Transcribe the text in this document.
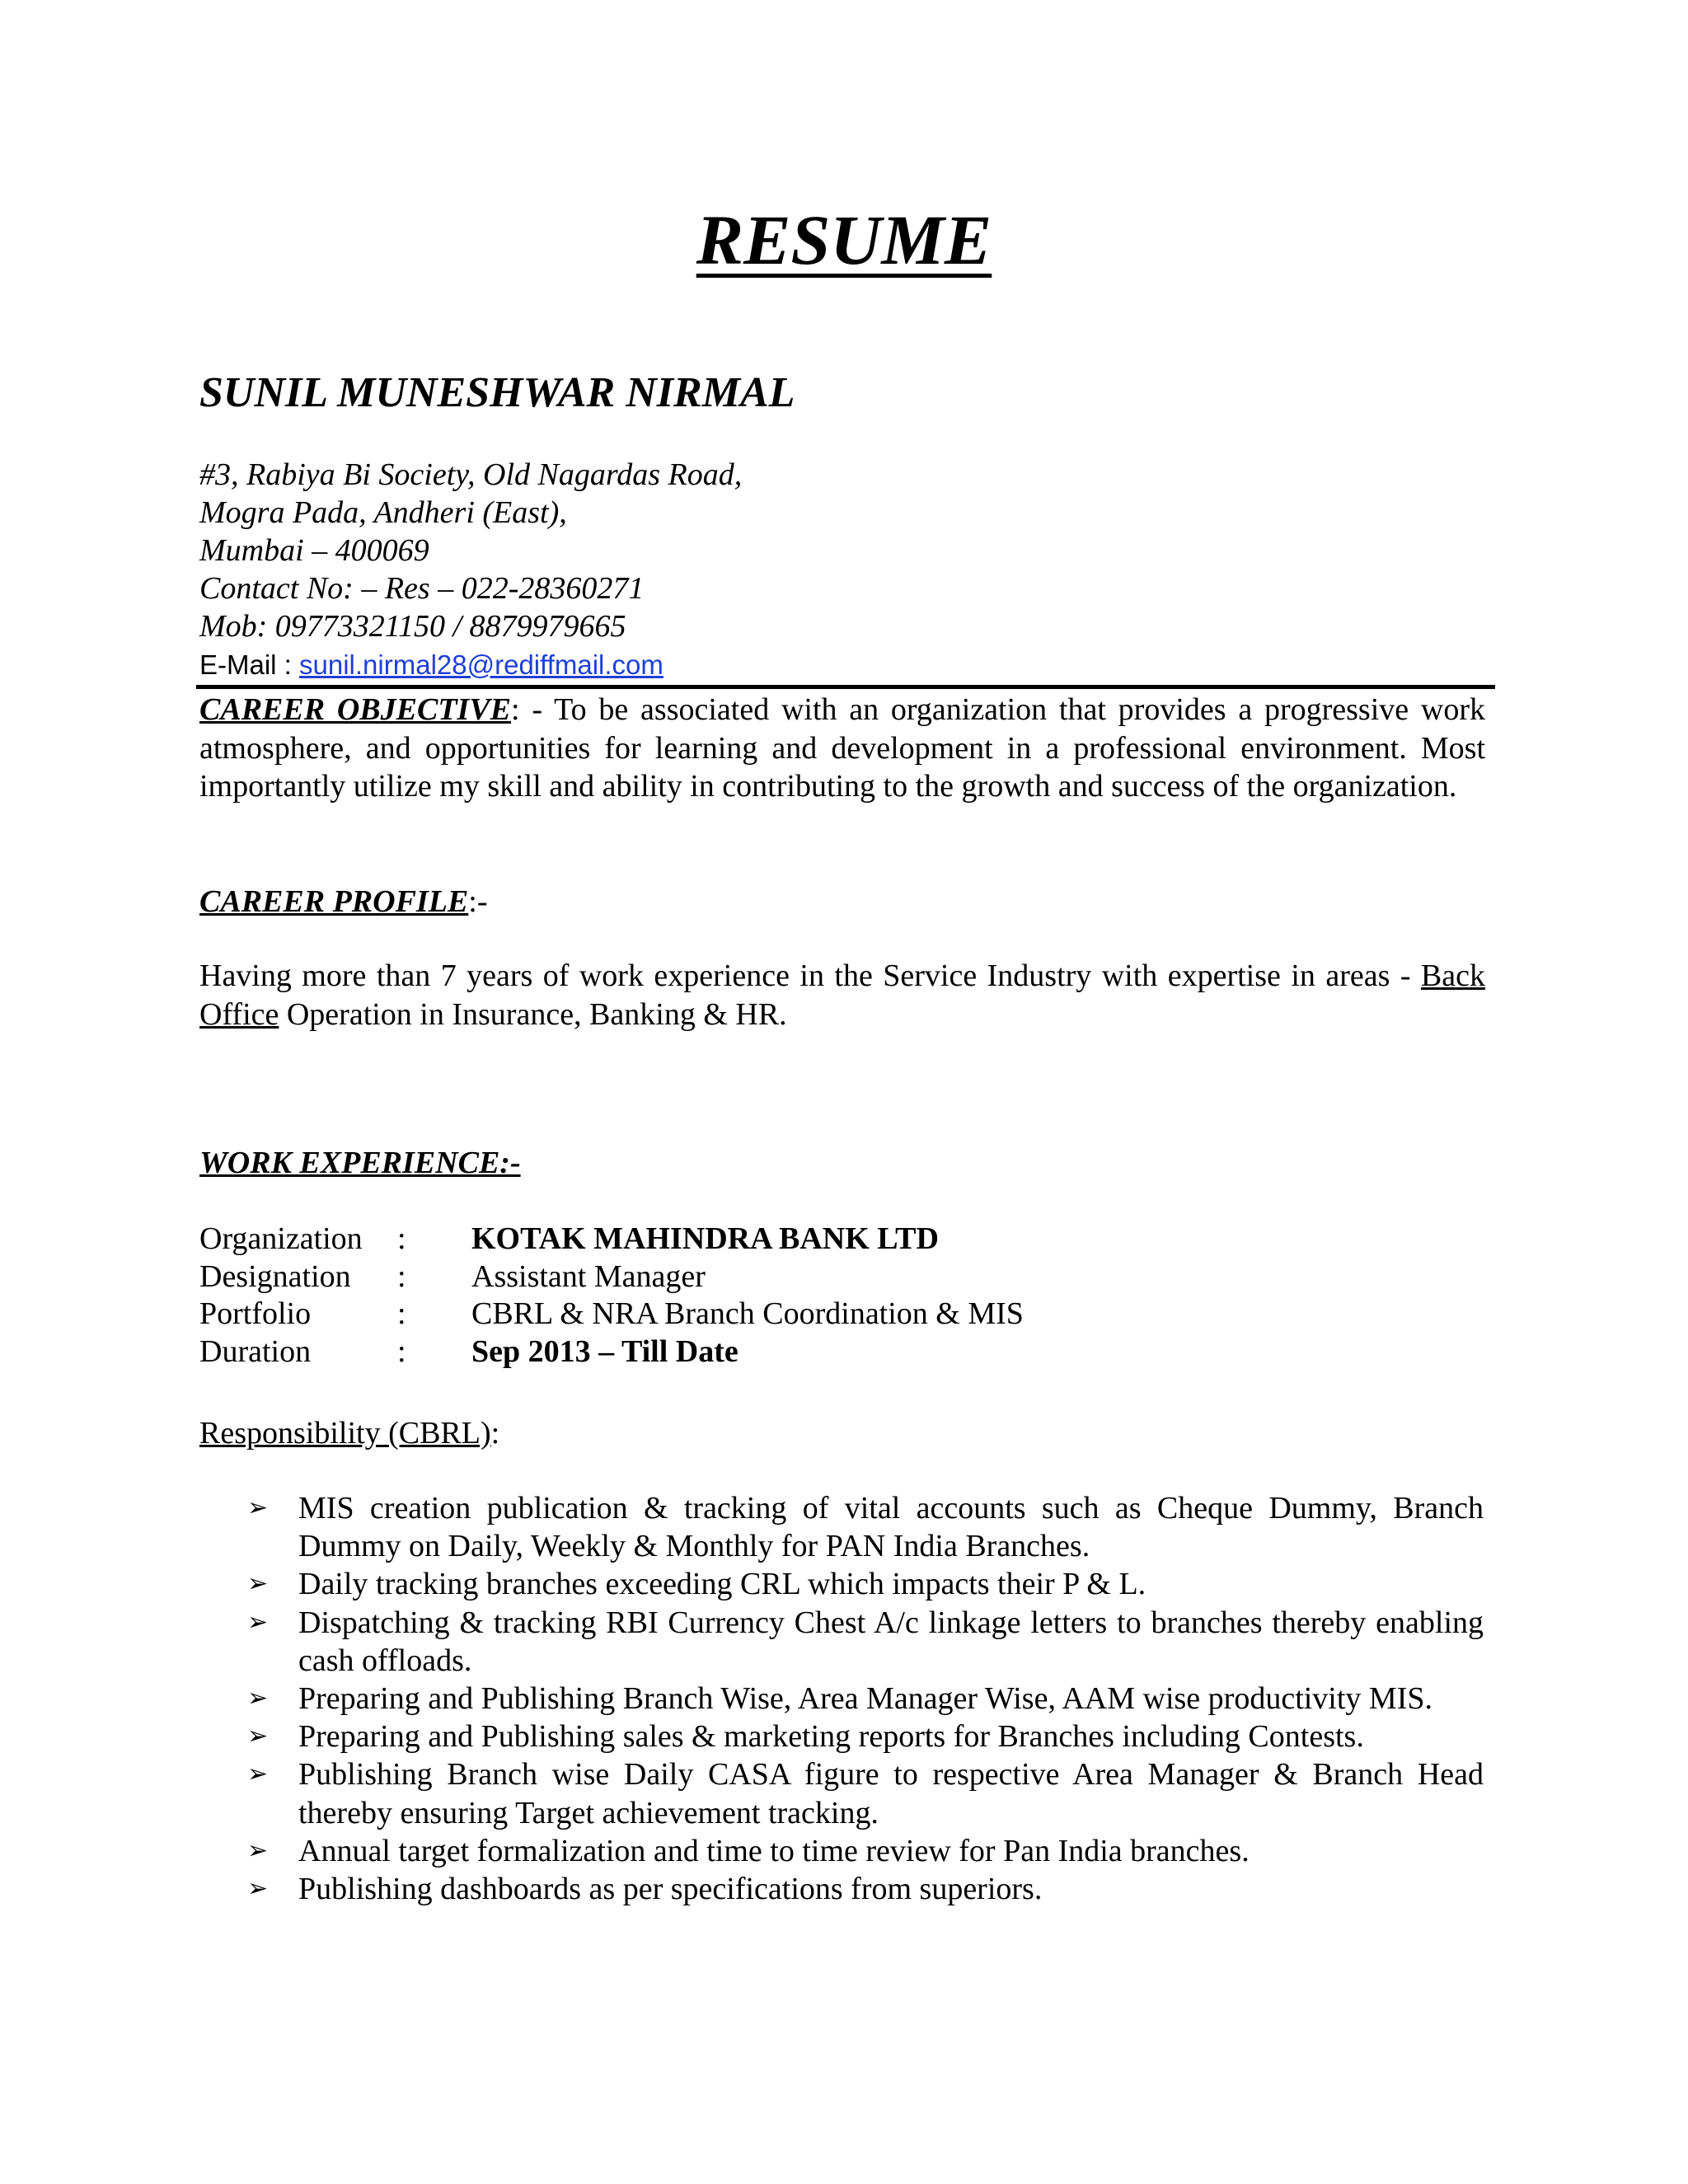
RESUME
SUNIL MUNESHWAR NIRMAL
#3, Rabiya Bi Society, Old Nagardas Road,
Mogra Pada, Andheri (East),
Mumbai – 400069
Contact No: – Res – 022-28360271
Mob: 09773321150 / 8879979665
E-Mail : sunil.nirmal28@rediffmail.com
CAREER OBJECTIVE: - To be associated with an organization that provides a progressive work atmosphere, and opportunities for learning and development in a professional environment. Most importantly utilize my skill and ability in contributing to the growth and success of the organization.
CAREER PROFILE:-
Having more than 7 years of work experience in the Service Industry with expertise in areas - Back Office Operation in Insurance, Banking & HR.
WORK EXPERIENCE:-
Organization	:	KOTAK MAHINDRA BANK LTD
Designation	:	Assistant Manager
Portfolio	:	CBRL & NRA Branch Coordination & MIS
Duration	:	Sep 2013 – Till Date
Responsibility (CBRL):
➢ MIS creation publication & tracking of vital accounts such as Cheque Dummy, Branch Dummy on Daily, Weekly & Monthly for PAN India Branches.
➢ Daily tracking branches exceeding CRL which impacts their P & L.
➢ Dispatching & tracking RBI Currency Chest A/c linkage letters to branches thereby enabling cash offloads.
➢ Preparing and Publishing Branch Wise, Area Manager Wise, AAM wise productivity MIS.
➢ Preparing and Publishing sales & marketing reports for Branches including Contests.
➢ Publishing Branch wise Daily CASA figure to respective Area Manager & Branch Head thereby ensuring Target achievement tracking.
➢ Annual target formalization and time to time review for Pan India branches.
➢ Publishing dashboards as per specifications from superiors.
